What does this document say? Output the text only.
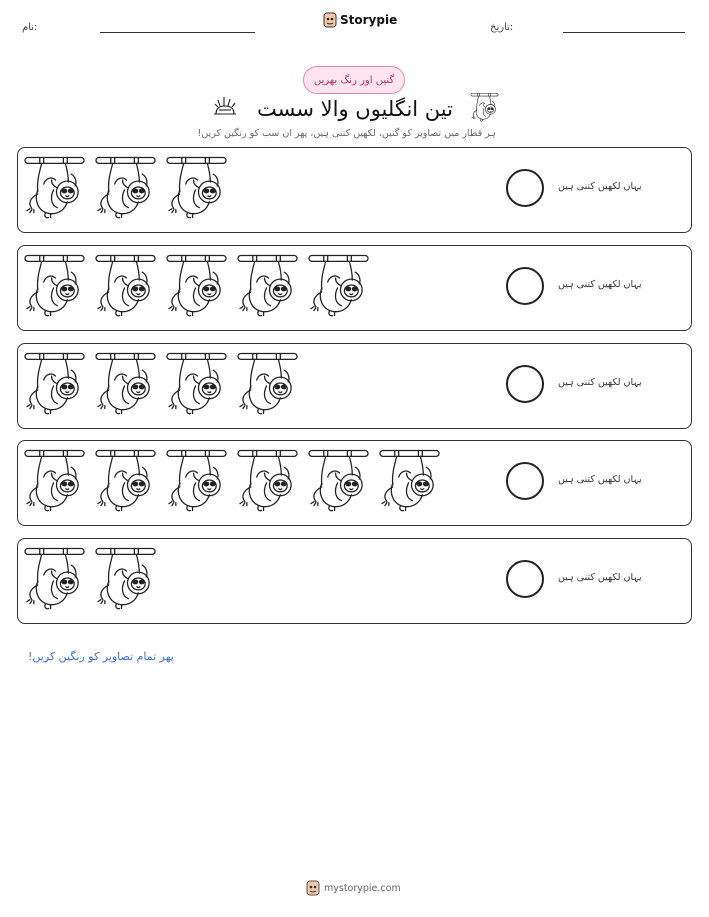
نام:
Storypie
تاریخ:
گنیں اور رنگ بھریں
تین انگلیوں والا سست
ہر قطار میں تصاویر کو گنیں، لکھیں کتنی ہیں، پھر ان سب کو رنگین کریں!
یہاں لکھیں کتنی ہیں
یہاں لکھیں کتنی ہیں
یہاں لکھیں کتنی ہیں
یہاں لکھیں کتنی ہیں
یہاں لکھیں کتنی ہیں
پھر تمام تصاویر کو رنگین کریں!
mystorypie.com
